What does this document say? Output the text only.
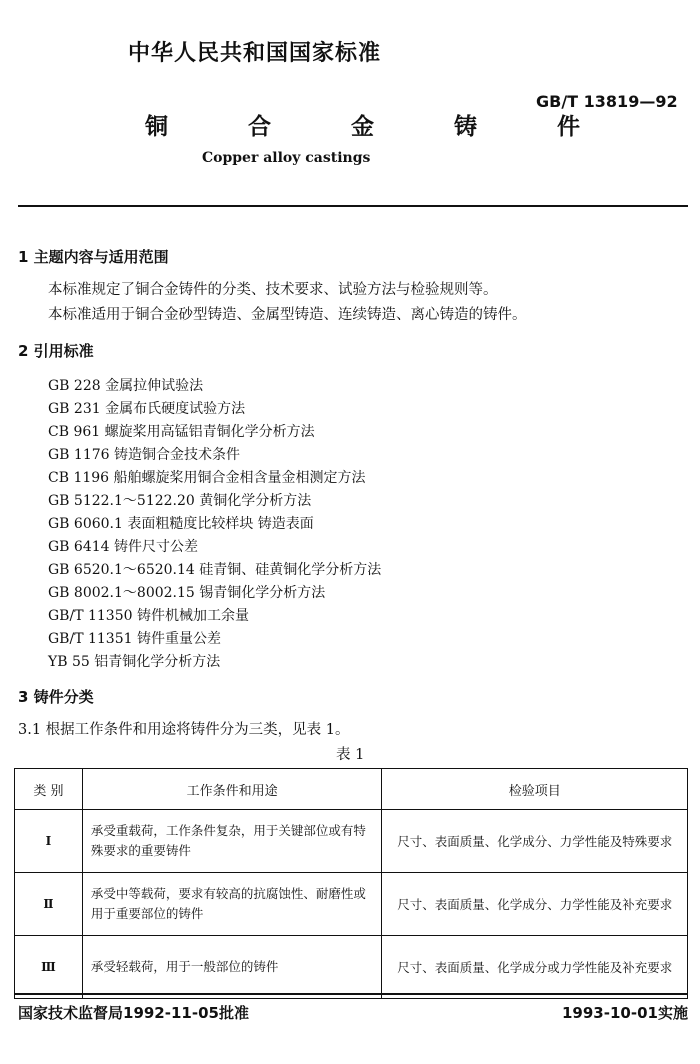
中华人民共和国国家标准
GB/T 13819—92
铜 合 金 铸 件
Copper alloy castings
1 主题内容与适用范围
本标准规定了铜合金铸件的分类、技术要求、试验方法与检验规则等。
本标准适用于铜合金砂型铸造、金属型铸造、连续铸造、离心铸造的铸件。
2 引用标准
GB 228 金属拉伸试验法
GB 231 金属布氏硬度试验方法
CB 961 螺旋桨用高锰铝青铜化学分析方法
GB 1176 铸造铜合金技术条件
CB 1196 船舶螺旋桨用铜合金相含量金相测定方法
GB 5122.1～5122.20 黄铜化学分析方法
GB 6060.1 表面粗糙度比较样块 铸造表面
GB 6414 铸件尺寸公差
GB 6520.1～6520.14 硅青铜、硅黄铜化学分析方法
GB 8002.1～8002.15 锡青铜化学分析方法
GB/T 11350 铸件机械加工余量
GB/T 11351 铸件重量公差
YB 55 铝青铜化学分析方法
3 铸件分类
3.1 根据工作条件和用途将铸件分为三类，见表 1。
表 1
类 别	工作条件和用途	检验项目
I	承受重载荷，工作条件复杂，用于关键部位或有特殊要求的重要铸件	尺寸、表面质量、化学成分、力学性能及特殊要求
Ⅱ	承受中等载荷，要求有较高的抗腐蚀性、耐磨性或用于重要部位的铸件	尺寸、表面质量、化学成分、力学性能及补充要求
Ⅲ	承受轻载荷，用于一般部位的铸件	尺寸、表面质量、化学成分或力学性能及补充要求
国家技术监督局1992-11-05批准	1993-10-01实施
